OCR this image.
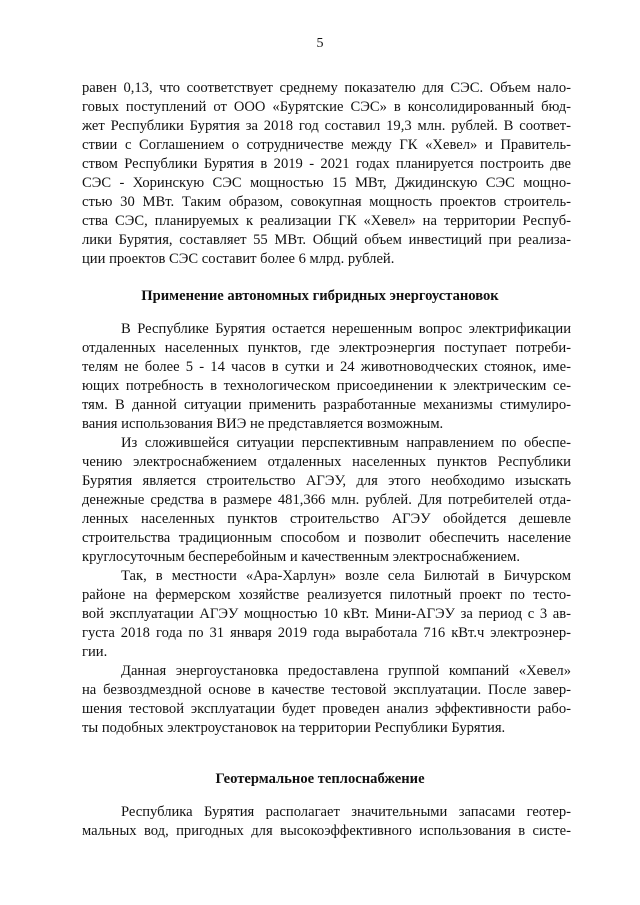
5
равен 0,13, что соответствует среднему показателю для СЭС. Объем нало-
говых поступлений от ООО «Бурятские СЭС» в консолидированный бюд-
жет Республики Бурятия за 2018 год составил 19,3 млн. рублей. В соответ-
ствии с Соглашением о сотрудничестве между ГК «Хевел» и Правитель-
ством Республики Бурятия в 2019 - 2021 годах планируется построить две
СЭС - Хоринскую СЭС мощностью 15 МВт, Джидинскую СЭС мощно-
стью 30 МВт. Таким образом, совокупная мощность проектов строитель-
ства СЭС, планируемых к реализации ГК «Хевел» на территории Респуб-
лики Бурятия, составляет 55 МВт. Общий объем инвестиций при реализа-
ции проектов СЭС составит более 6 млрд. рублей.
Применение автономных гибридных энергоустановок
В Республике Бурятия остается нерешенным вопрос электрификации
отдаленных населенных пунктов, где электроэнергия поступает потреби-
телям не более 5 - 14 часов в сутки и 24 животноводческих стоянок, име-
ющих потребность в технологическом присоединении к электрическим се-
тям. В данной ситуации применить разработанные механизмы стимулиро-
вания использования ВИЭ не представляется возможным.
Из сложившейся ситуации перспективным направлением по обеспе-
чению электроснабжением отдаленных населенных пунктов Республики
Бурятия является строительство АГЭУ, для этого необходимо изыскать
денежные средства в размере 481,366 млн. рублей. Для потребителей отда-
ленных населенных пунктов строительство АГЭУ обойдется дешевле
строительства традиционным способом и позволит обеспечить население
круглосуточным бесперебойным и качественным электроснабжением.
Так, в местности «Ара-Харлун» возле села Билютай в Бичурском
районе на фермерском хозяйстве реализуется пилотный проект по тесто-
вой эксплуатации АГЭУ мощностью 10 кВт. Мини-АГЭУ за период с 3 ав-
густа 2018 года по 31 января 2019 года выработала 716 кВт.ч электроэнер-
гии.
Данная энергоустановка предоставлена группой компаний «Хевел»
на безвоздмездной основе в качестве тестовой эксплуатации. После завер-
шения тестовой эксплуатации будет проведен анализ эффективности рабо-
ты подобных электроустановок на территории Республики Бурятия.
Геотермальное теплоснабжение
Республика Бурятия располагает значительными запасами геотер-
мальных вод, пригодных для высокоэффективного использования в систе-
